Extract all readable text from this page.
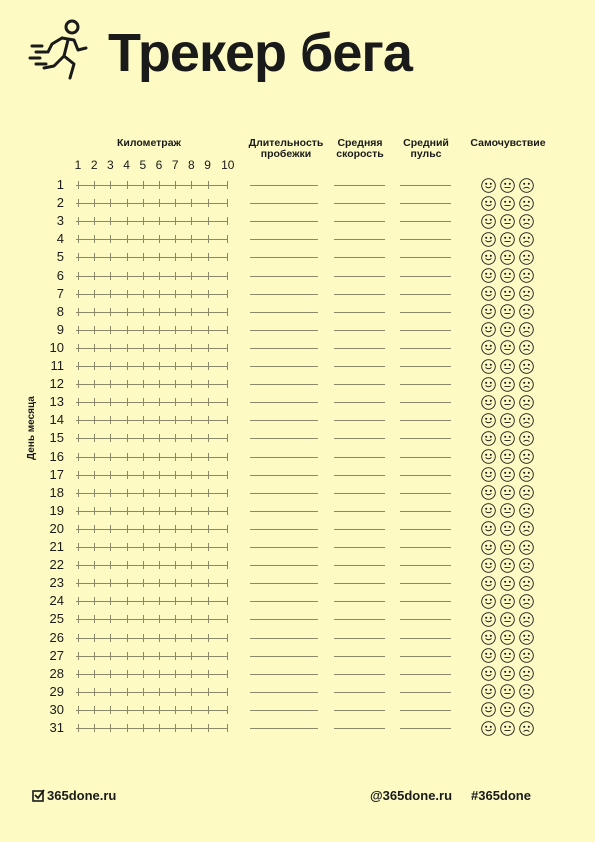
Трекер бега
Километраж	Длительность пробежки
Средняя скорость
Средний пульс
Самочувствие
День месяца
1 2 3 4 5 6 7 8 9 10
1
2
3
4
5
6
7
8
9
10
11
12
13
14
15
16
17
18
19
20
21
22
23
24
25
26
27
28
29
30
31
365done.ru	@365done.ru #365done
